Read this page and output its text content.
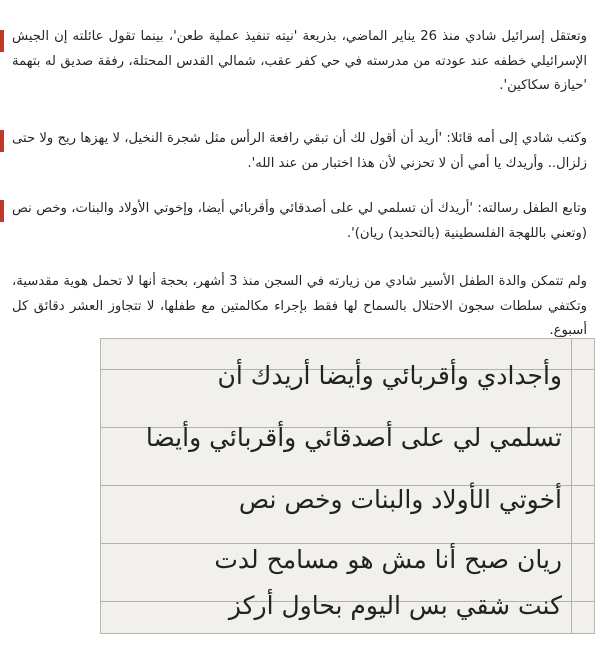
وتعتقل إسرائيل شادي منذ 26 يناير الماضي، بذريعة 'نيته تنفيذ عملية طعن'، بينما تقول عائلته إن الجيش الإسرائيلي خطفه عند عودته من مدرسته في حي كفر عقب، شمالي القدس المحتلة، رفقة صديق له بتهمة 'حيازة سكاكين'.

وكتب شادي إلى أمه قائلا: 'أريد أن أقول لك أن تبقي رافعة الرأس مثل شجرة النخيل، لا يهزها ريح ولا حتى زلزال.. وأريدك يا أمي أن لا تحزني لأن هذا اختبار من عند الله'.

وتابع الطفل رسالته: 'أريدك أن تسلمي لي على أصدقائي وأقربائي أيضا، وإخوتي الأولاد والبنات، وخص نص (وتعني باللهجة الفلسطينية (بالتحديد) ريان)'.

ولم تتمكن والدة الطفل الأسير شادي من زيارته في السجن منذ 3 أشهر، بحجة أنها لا تحمل هوية مقدسية، وتكتفي سلطات سجون الاحتلال بالسماح لها فقط بإجراء مكالمتين مع طفلها، لا تتجاوز العشر دقائق كل أسبوع.

وأجدادي وأقربائي وأيضا أريدك أن
تسلمي لي على أصدقائي وأقربائي وأيضا
أخوتي الأولاد والبنات وخص نص
ريان صبح أنا مش هو مسامح لدت
كنت شقي بس اليوم بحاول أركز
